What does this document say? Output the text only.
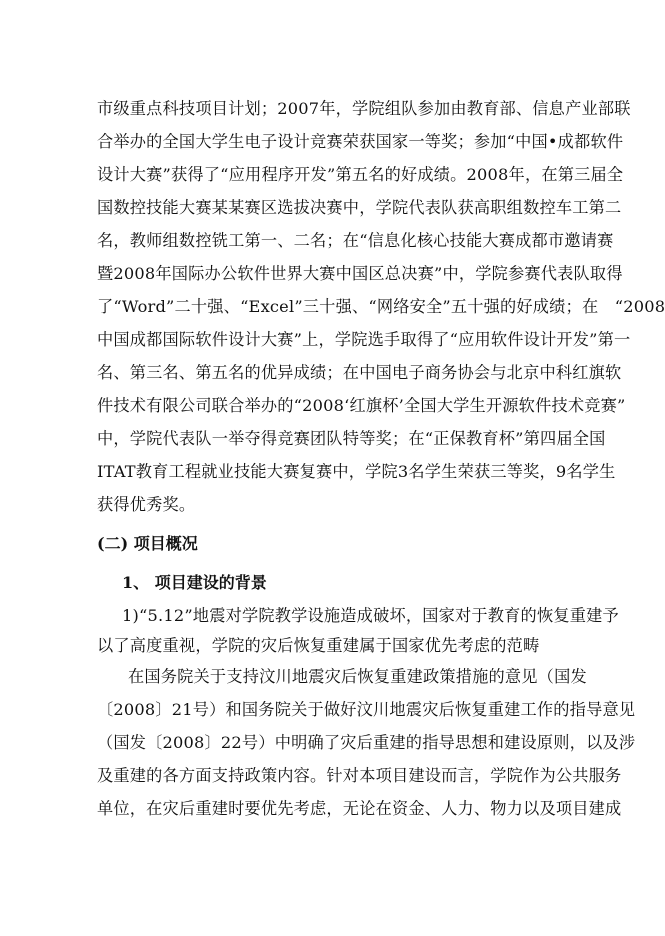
市级重点科技项目计划；2007年，学院组队参加由教育部、信息产业部联
合举办的全国大学生电子设计竞赛荣获国家一等奖；参加“中国•成都软件
设计大赛”获得了“应用程序开发”第五名的好成绩。2008年，在第三届全
国数控技能大赛某某赛区选拔决赛中，学院代表队获高职组数控车工第二
名，教师组数控铣工第一、二名；在“信息化核心技能大赛成都市邀请赛
暨2008年国际办公软件世界大赛中国区总决赛”中，学院参赛代表队取得
了“Word”二十强、“Excel”三十强、“网络安全”五十强的好成绩；在　“2008
中国成都国际软件设计大赛”上，学院选手取得了“应用软件设计开发”第一
名、第三名、第五名的优异成绩；在中国电子商务协会与北京中科红旗软
件技术有限公司联合举办的“2008‘红旗杯’全国大学生开源软件技术竞赛”
中，学院代表队一举夺得竞赛团队特等奖；在“正保教育杯”第四届全国
ITAT教育工程就业技能大赛复赛中，学院3名学生荣获三等奖，9名学生
获得优秀奖。
(二) 项目概况
1、 项目建设的背景
1)“5.12”地震对学院教学设施造成破坏，国家对于教育的恢复重建予
以了高度重视，学院的灾后恢复重建属于国家优先考虑的范畴
在国务院关于支持汶川地震灾后恢复重建政策措施的意见（国发
〔2008〕21号）和国务院关于做好汶川地震灾后恢复重建工作的指导意见
（国发〔2008〕22号）中明确了灾后重建的指导思想和建设原则，以及涉
及重建的各方面支持政策内容。针对本项目建设而言，学院作为公共服务
单位，在灾后重建时要优先考虑，无论在资金、人力、物力以及项目建成
